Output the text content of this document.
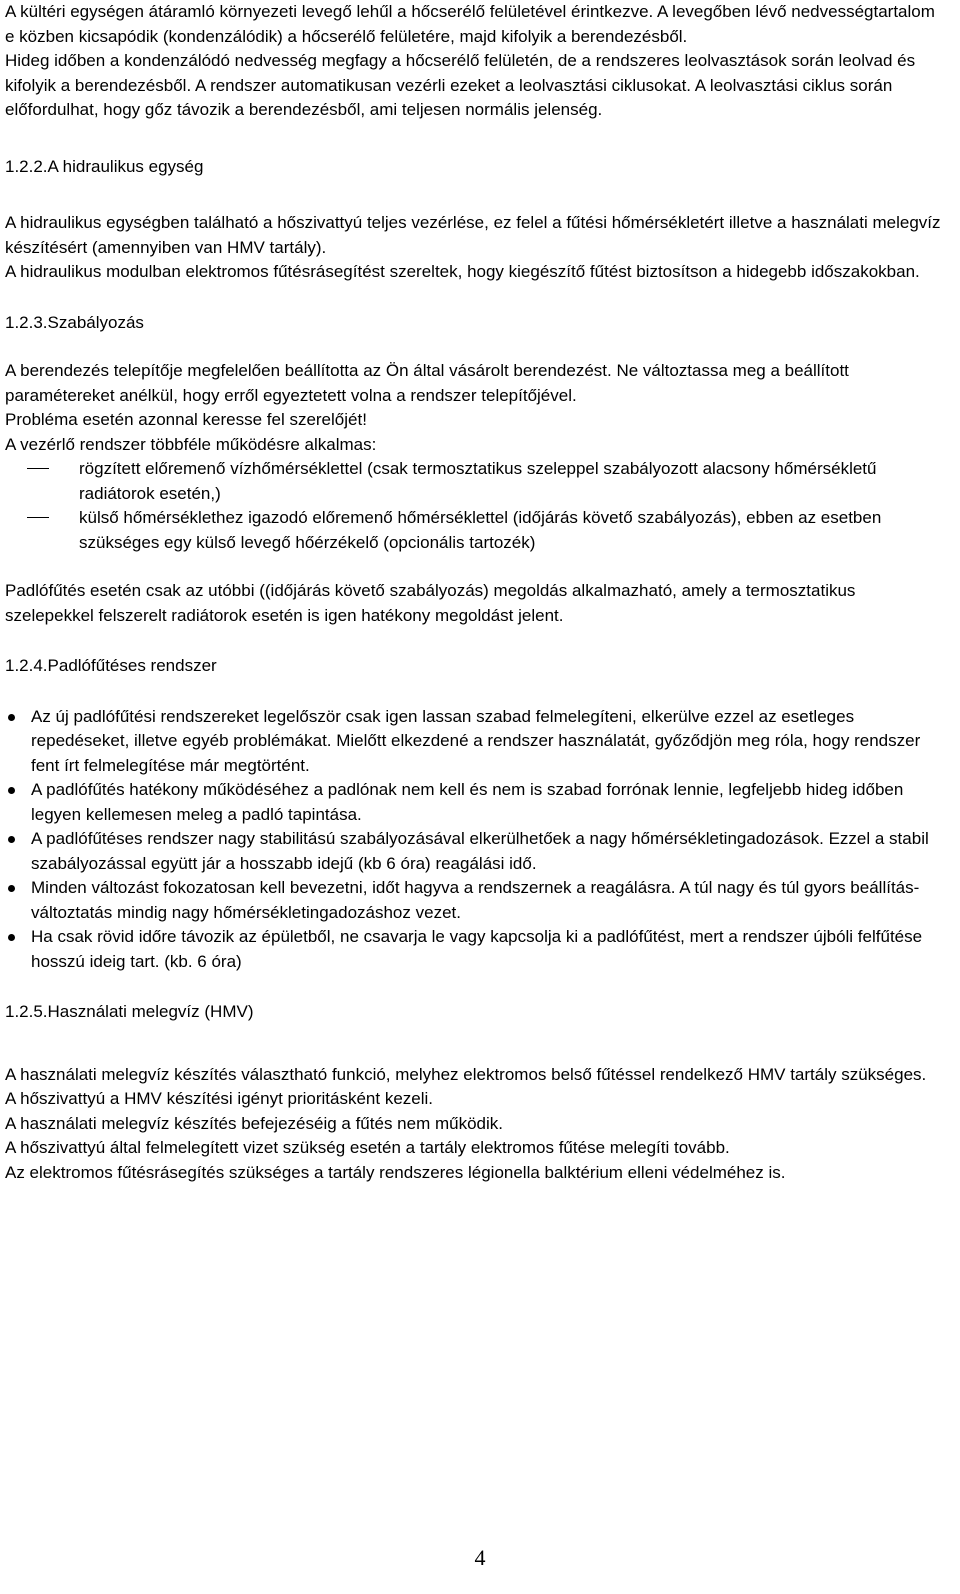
A kültéri egységen átáramló környezeti levegő lehűl a hőcserélő felületével érintkezve. A levegőben lévő nedvességtartalom e közben kicsapódik (kondenzálódik) a hőcserélő felületére, majd kifolyik a berendezésből.

Hideg időben a kondenzálódó nedvesség megfagy a hőcserélő felületén, de a rendszeres leolvasztások során leolvad és kifolyik a berendezésből. A rendszer automatikusan vezérli ezeket a leolvasztási ciklusokat. A leolvasztási ciklus során előfordulhat, hogy gőz távozik a berendezésből, ami teljesen normális jelenség.

1.2.2.A hidraulikus egység

A hidraulikus egységben található a hőszivattyú teljes vezérlése, ez felel a fűtési hőmérsékletért illetve a használati melegvíz készítésért (amennyiben van HMV tartály).

A hidraulikus modulban elektromos fűtésrásegítést szereltek, hogy kiegészítő fűtést biztosítson a hidegebb időszakokban.

1.2.3.Szabályozás

A berendezés telepítője megfelelően beállította az Ön által vásárolt berendezést. Ne változtassa meg a beállított paramétereket anélkül, hogy erről egyeztetett volna a rendszer telepítőjével.

Probléma esetén azonnal keresse fel szerelőjét!

A vezérlő rendszer többféle működésre alkalmas:

rögzített előremenő vízhőmérséklettel (csak termosztatikus szeleppel szabályozott alacsony hőmérsékletű radiátorok esetén,)
külső hőmérséklethez igazodó előremenő hőmérséklettel (időjárás követő szabályozás), ebben az esetben szükséges egy külső levegő hőérzékelő (opcionális tartozék)

Padlófűtés esetén csak az utóbbi ((időjárás követő szabályozás) megoldás alkalmazható, amely a termosztatikus szelepekkel felszerelt radiátorok esetén is igen hatékony megoldást jelent.

1.2.4.Padlófűtéses rendszer
Az új padlófűtési rendszereket legelőször csak igen lassan szabad felmelegíteni, elkerülve ezzel az esetleges repedéseket, illetve egyéb problémákat. Mielőtt elkezdené a rendszer használatát, győződjön meg róla, hogy rendszer fent írt felmelegítése már megtörtént.
A padlófűtés hatékony működéséhez a padlónak nem kell és nem is szabad forrónak lennie, legfeljebb hideg időben legyen kellemesen meleg a padló tapintása.
A padlófűtéses rendszer nagy stabilitású szabályozásával elkerülhetőek a nagy hőmérsékletingadozások. Ezzel a stabil szabályozással együtt jár a hosszabb idejű (kb 6 óra) reagálási idő.
Minden változást fokozatosan kell bevezetni, időt hagyva a rendszernek a reagálásra. A túl nagy és túl gyors beállítás-változtatás mindig nagy hőmérsékletingadozáshoz vezet.
Ha csak rövid időre távozik az épületből, ne csavarja le vagy kapcsolja ki a padlófűtést, mert a rendszer újbóli felfűtése hosszú ideig tart. (kb. 6 óra)
1.2.5.Használati melegvíz (HMV)

A használati melegvíz készítés választható funkció, melyhez elektromos belső fűtéssel rendelkező HMV tartály szükséges.

A hőszivattyú a HMV készítési igényt prioritásként kezeli.

A használati melegvíz készítés befejezéséig a fűtés nem működik.

A hőszivattyú által felmelegített vizet szükség esetén a tartály elektromos fűtése melegíti tovább.

Az elektromos fűtésrásegítés szükséges a tartály rendszeres légionella balktérium elleni védelméhez is.

4
